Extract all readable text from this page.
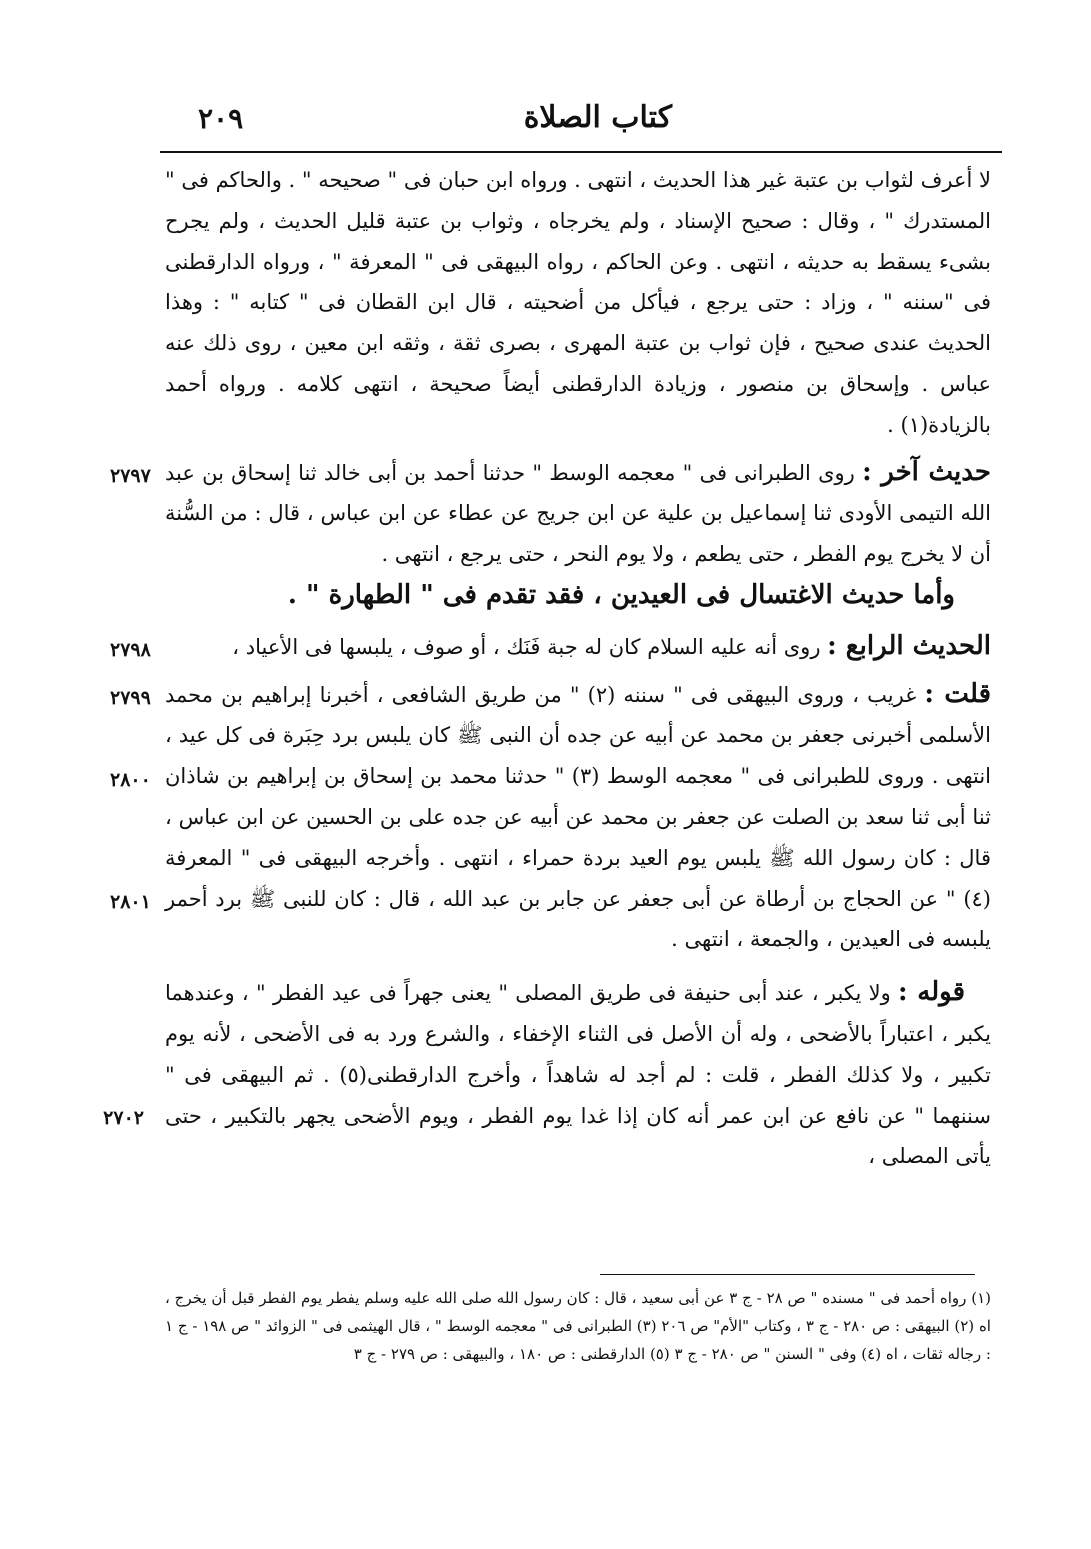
كتاب الصلاة
٢٠٩

لا أعرف لثواب بن عتبة غير هذا الحديث ، انتهى . ورواه ابن حبان فى " صحيحه " . والحاكم فى " المستدرك " ، وقال : صحيح الإسناد ، ولم يخرجاه ، وثواب بن عتبة قليل الحديث ، ولم يجرح بشىء يسقط به حديثه ، انتهى . وعن الحاكم ، رواه البيهقى فى " المعرفة " ، ورواه الدارقطنى فى "سننه " ، وزاد : حتى يرجع ، فيأكل من أضحيته ، قال ابن القطان فى " كتابه " : وهذا الحديث عندى صحيح ، فإن ثواب بن عتبة المهرى ، بصرى ثقة ، وثقه ابن معين ، روى ذلك عنه عباس . وإسحاق بن منصور ، وزيادة الدارقطنى أيضاً صحيحة ، انتهى كلامه . ورواه أحمد بالزيادة(١) .

٢٧٩٧	حديث آخر : روى الطبرانى فى " معجمه الوسط " حدثنا أحمد بن أبى خالد ثنا إسحاق بن عبد الله التيمى الأودى ثنا إسماعيل بن علية عن ابن جريج عن عطاء عن ابن عباس ، قال : من السُّنة أن لا يخرج يوم الفطر ، حتى يطعم ، ولا يوم النحر ، حتى يرجع ، انتهى .
وأما حديث الاغتسال فى العيدين ، فقد تقدم فى " الطهارة " .
٢٧٩٨	الحديث الرابع : روى أنه عليه السلام كان له جبة فَنَك ، أو صوف ، يلبسها فى الأعياد ،
٢٧٩٩
٢٨٠٠
٢٨٠١
قلت : غريب ، وروى البيهقى فى " سننه (٢) " من طريق الشافعى ، أخبرنا إبراهيم بن محمد الأسلمى أخبرنى جعفر بن محمد عن أبيه عن جده أن النبى ﷺ كان يلبس برد حِبَرة فى كل عيد ، انتهى . وروى للطبرانى فى " معجمه الوسط (٣) " حدثنا محمد بن إسحاق بن إبراهيم بن شاذان ثنا أبى ثنا سعد بن الصلت عن جعفر بن محمد عن أبيه عن جده على بن الحسين عن ابن عباس ، قال : كان رسول الله ﷺ يلبس يوم العيد بردة حمراء ، انتهى . وأخرجه البيهقى فى " المعرفة (٤) " عن الحجاج بن أرطاة عن أبى جعفر عن جابر بن عبد الله ، قال : كان للنبى ﷺ برد أحمر يلبسه فى العيدين ، والجمعة ، انتهى .
٢٧٠٢
قوله : ولا يكبر ، عند أبى حنيفة فى طريق المصلى " يعنى جهراً فى عيد الفطر " ، وعندهما يكبر ، اعتباراً بالأضحى ، وله أن الأصل فى الثناء الإخفاء ، والشرع ورد به فى الأضحى ، لأنه يوم تكبير ، ولا كذلك الفطر ، قلت : لم أجد له شاهداً ، وأخرج الدارقطنى(٥) . ثم البيهقى فى " سننهما " عن نافع عن ابن عمر أنه كان إذا غدا يوم الفطر ، ويوم الأضحى يجهر بالتكبير ، حتى يأتى المصلى ،

(١) رواه أحمد فى " مسنده " ص ٢٨ - ج ٣ عن أبى سعيد ، قال : كان رسول الله صلى الله عليه وسلم يفطر يوم الفطر قبل أن يخرج ، اه (٢) البيهقى : ص ٢٨٠ - ج ٣ ، وكتاب "الأم" ص ٢٠٦ (٣) الطبرانى فى " معجمه الوسط " ، قال الهيثمى فى " الزوائد " ص ١٩٨ - ج ١ : رجاله ثقات ، اه (٤) وفى " السنن " ص ٢٨٠ - ج ٣ (٥) الدارقطنى : ص ١٨٠ ، والبيهقى : ص ٢٧٩ - ج ٣
